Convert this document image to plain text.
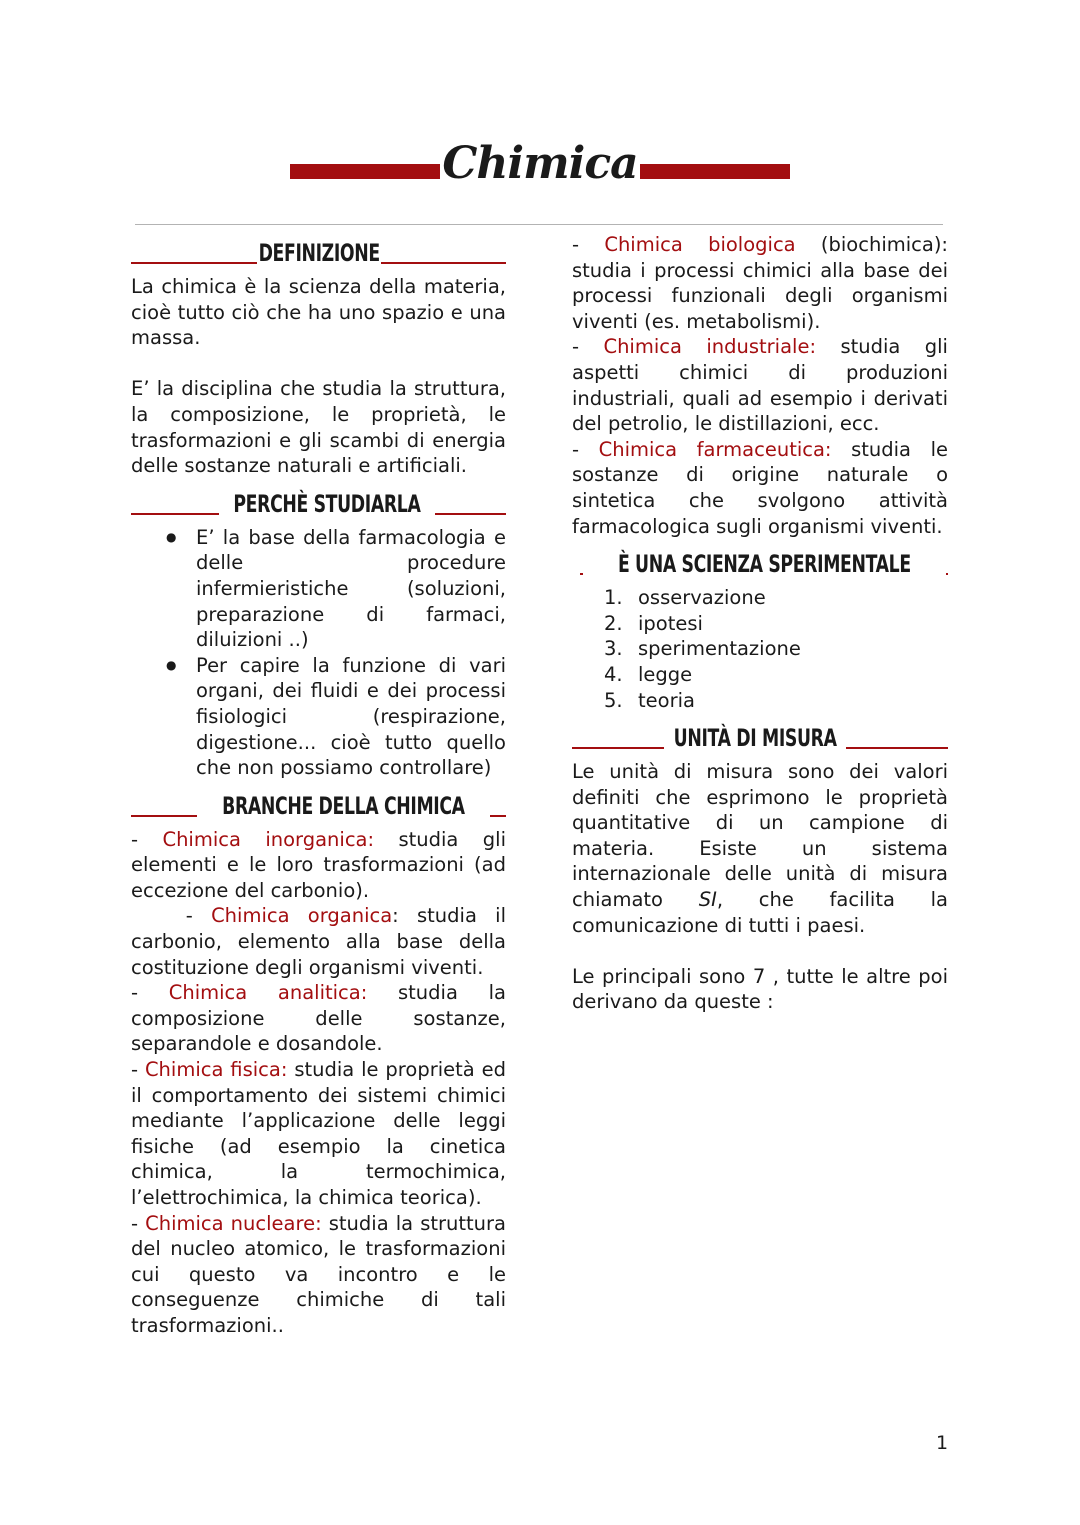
Chimica
DEFINIZIONE

La chimica è la scienza della materia, cioè tutto ciò che ha uno spazio e una massa.

E’ la disciplina che studia la struttura, la composizione, le proprietà, le trasformazioni e gli scambi di energia delle sostanze naturali e artificiali.

PERCHÈ STUDIARLA
● E’ la base della farmacologia e delle procedure infermieristiche (soluzioni, preparazione di farmaci, diluizioni ..)
● Per capire la funzione di vari organi, dei fluidi e dei processi fisiologici (respirazione, digestione... cioè tutto quello che non possiamo controllare)
BRANCHE DELLA CHIMICA

- Chimica inorganica: studia gli elementi e le loro trasformazioni (ad eccezione del carbonio).

- Chimica organica: studia il carbonio, elemento alla base della costituzione degli organismi viventi.

- Chimica analitica: studia la composizione delle sostanze, separandole e dosandole.

- Chimica fisica: studia le proprietà ed il comportamento dei sistemi chimici mediante l’applicazione delle leggi fisiche (ad esempio la cinetica chimica, la termochimica, l’elettrochimica, la chimica teorica).

- Chimica nucleare: studia la struttura del nucleo atomico, le trasformazioni cui questo va incontro e le conseguenze chimiche di tali trasformazioni..

- Chimica biologica (biochimica): studia i processi chimici alla base dei processi funzionali degli organismi viventi (es. metabolismi).

- Chimica industriale: studia gli aspetti chimici di produzioni industriali, quali ad esempio i derivati del petrolio, le distillazioni, ecc.

- Chimica farmaceutica: studia le sostanze di origine naturale o sintetica che svolgono attività farmacologica sugli organismi viventi.

È UNA SCIENZA SPERIMENTALE
1. osservazione
2. ipotesi
3. sperimentazione
4. legge
5. teoria
UNITÀ DI MISURA

Le unità di misura sono dei valori definiti che esprimono le proprietà quantitative di un campione di materia. Esiste un sistema internazionale delle unità di misura chiamato SI, che facilita la comunicazione di tutti i paesi.

Le principali sono 7 , tutte le altre poi derivano da queste :

1
